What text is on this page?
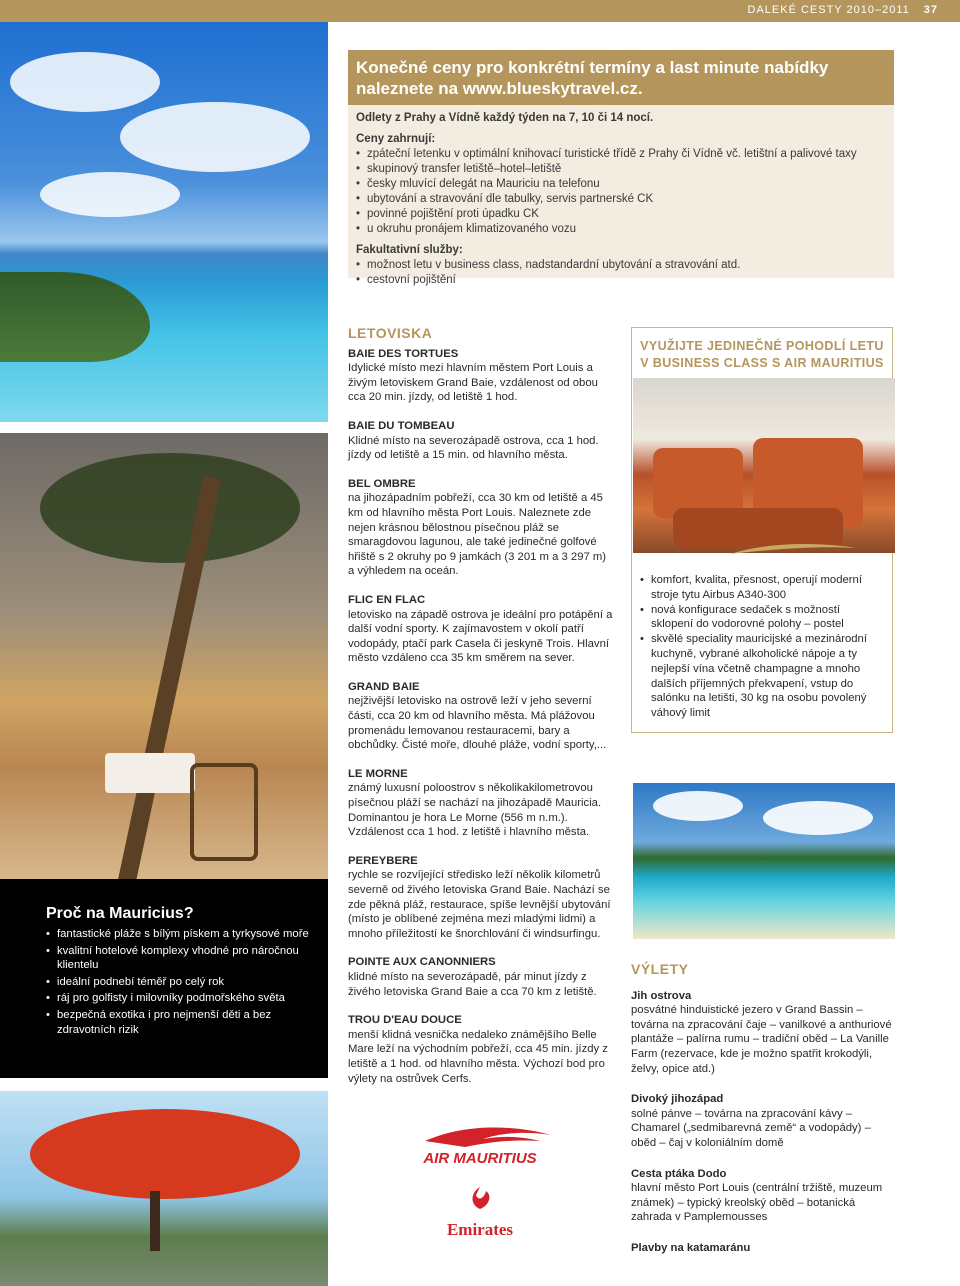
DALEKÉ CESTY 2010–2011 37
Konečné ceny pro konkrétní termíny a last minute nabídky
naleznete na www.blueskytravel.cz.
Odlety z Prahy a Vídně každý týden na 7, 10 či 14 nocí.
Ceny zahrnují:
• zpáteční letenku v optimální knihovací turistické třídě z Prahy či Vídně vč. letištní a palivové taxy
• skupinový transfer letiště–hotel–letiště
• česky mluvící delegát na Mauriciu na telefonu
• ubytování a stravování dle tabulky, servis partnerské CK
• povinné pojištění proti úpadku CK
• u okruhu pronájem klimatizovaného vozu
Fakultativní služby:
• možnost letu v business class, nadstandardní ubytování a stravování atd.
• cestovní pojištění
LETOVISKA
BAIE DES TORTUES

Idylické místo mezi hlavním městem Port Louis a živým letoviskem Grand Baie, vzdálenost od obou cca 20 min. jízdy, od letiště 1 hod.

BAIE DU TOMBEAU

Klidné místo na severozápadě ostrova, cca 1 hod. jízdy od letiště a 15 min. od hlavního města.

BEL OMBRE

na jihozápadním pobřeží, cca 30 km od letiště a 45 km od hlavního města Port Louis. Naleznete zde nejen krásnou bělostnou písečnou pláž se smaragdovou lagunou, ale také jedinečné golfové hřiště s 2 okruhy po 9 jamkách (3 201 m a 3 297 m) a výhledem na oceán.

FLIC EN FLAC

letovisko na západě ostrova je ideální pro potápění a další vodní sporty. K zajímavostem v okolí patří vodopády, ptačí park Casela či jeskyně Trois. Hlavní město vzdáleno cca 35 km směrem na sever.

GRAND BAIE

nejživější letovisko na ostrově leží v jeho severní části, cca 20 km od hlavního města. Má plážovou promenádu lemovanou restauracemi, bary a obchůdky. Čisté moře, dlouhé pláže, vodní sporty,...

LE MORNE

známý luxusní poloostrov s několikakilometrovou písečnou pláží se nachází na jihozápadě Mauricia. Dominantou je hora Le Morne (556 m n.m.). Vzdálenost cca 1 hod. z letiště i hlavního města.

PEREYBERE

rychle se rozvíjející středisko leží několik kilometrů severně od živého letoviska Grand Baie. Nachází se zde pěkná pláž, restaurace, spíše levnější ubytování (místo je oblíbené zejména mezi mladými lidmi) a mnoho příležitostí ke šnorchlování či windsurfingu.

POINTE AUX CANONNIERS

klidné místo na severozápadě, pár minut jízdy z živého letoviska Grand Baie a cca 70 km z letiště.

TROU D'EAU DOUCE

menší klidná vesnička nedaleko známějšího Belle Mare leží na východním pobřeží, cca 45 min. jízdy z letiště a 1 hod. od hlavního města. Výchozí bod pro výlety na ostrůvek Cerfs.

VYUŽIJTE JEDINEČNÉ POHODLÍ LETU
V BUSINESS CLASS S AIR MAURITIUS
• komfort, kvalita, přesnost, operují moderní stroje tytu Airbus A340-300
• nová konfigurace sedaček s možností sklopení do vodorovné polohy – postel
• skvělé speciality mauricijské a mezinárodní kuchyně, vybrané alkoholické nápoje a ty nejlepší vína včetně champagne a mnoho dalších příjemných překvapení, vstup do salónku na letišti, 30 kg na osobu povolený váhový limit
Proč na Mauricius?
• fantastické pláže s bílým pískem a tyrkysové moře
• kvalitní hotelové komplexy vhodné pro náročnou klientelu
• ideální podnebí téměř po celý rok
• ráj pro golfisty i milovníky podmořského světa
• bezpečná exotika i pro nejmenší děti a bez zdravotních rizik
VÝLETY
Jih ostrova

posvátné hinduistické jezero v Grand Bassin – továrna na zpracování čaje – vanilkové a anthuriové plantáže – palírna rumu – tradiční oběd – La Vanille Farm (rezervace, kde je možno spatřit krokodýli, želvy, opice atd.)

Divoký jihozápad

solné pánve – továrna na zpracování kávy – Chamarel („sedmibarevná země“ a vodopády) – oběd – čaj v koloniálním domě

Cesta ptáka Dodo

hlavní město Port Louis (centrální tržiště, muzeum známek) – typický kreolský oběd – botanická zahrada v Pamplemousses

Plavby na katamaránu
AIR MAURITIUS
Emirates
